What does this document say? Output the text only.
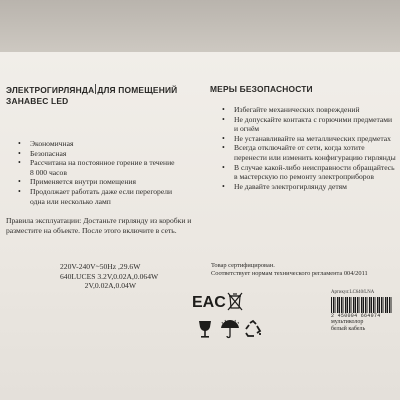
ЭЛЕКТРОГИРЛЯНДА ДЛЯ ПОМЕЩЕНИЙ

ЗАНАВЕС LED

• Экономичная
• Безопасная
• Рассчитана на постоянное горение в течение
8 000 часов
• Применяется внутри помещения
• Продолжает работать даже если перегорели
одна или несколько ламп

Правила эксплуатации: Достаньте гирлянду из коробки и разместите на объекте. После этого включите в сеть.

МЕРЫ БЕЗОПАСНОСТИ

• Избегайте механических повреждений
• Не допускайте контакта с горючими предметами и огнём
• Не устанавливайте на металлических предметах
• Всегда отключайте от сети, когда хотите перенести или изменить конфигурацию гирлянды
• В случае какой-либо неисправности обращайтесь в мастерскую по ремонту электроприборов
• Не давайте электрогирлянду детям
220V-240V~50Hz ,29.6W
640LUCES 3.2V,0.02A,0.064W
2V,0.02A,0.04W
Товар сертифицирован.
Соответствует нормам технического регламента 004/2011
EAC
Артикул:LC640/LNA
2 450004 664074
мультиколор
белый кабель
